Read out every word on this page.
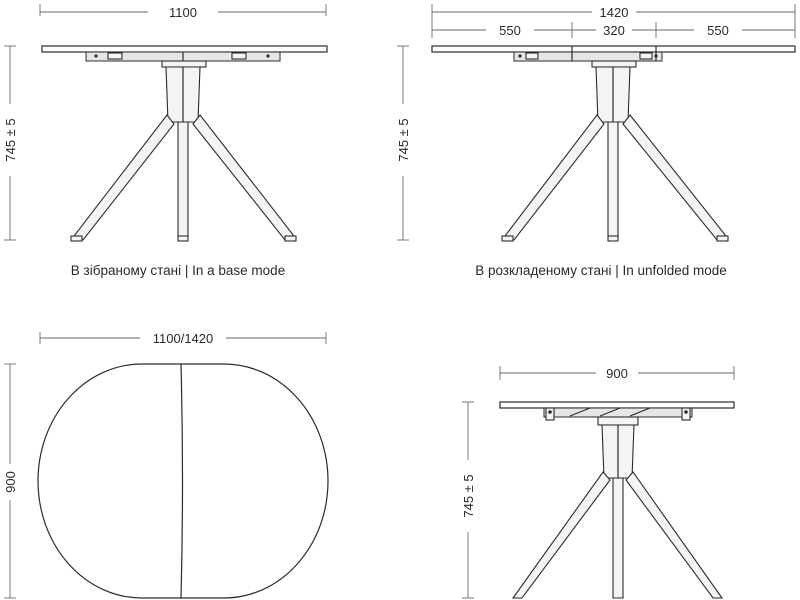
1100
745 ± 5
В зібраному стані | In a base mode
1420
550	320	550
745 ± 5
В розкладеному стані | In unfolded mode
1100/1420
900
900
745 ± 5
